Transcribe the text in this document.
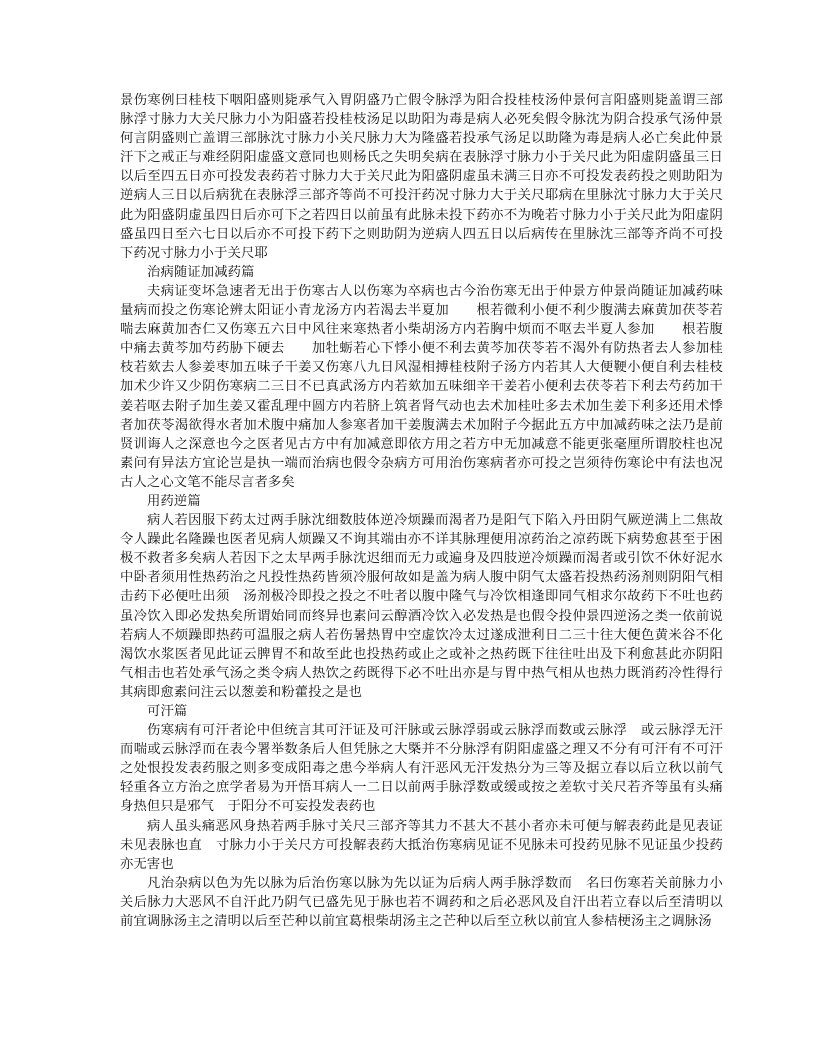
景伤寒例曰桂枝下咽阳盛则毙承气入胃阴盛乃亡假令脉浮为阳合投桂枝汤仲景何言阳盛则毙盖谓三部脉浮寸脉力大关尺脉力小为阳盛若投桂枝汤足以助阳为毒是病人必死矣假令脉沈为阴合投承气汤仲景何言阴盛则亡盖谓三部脉沈寸脉力小关尺脉力大为隆盛若投承气汤足以助隆为毒是病人必亡矣此仲景汗下之戒正与难经阴阳虚盛文意同也则杨氏之失明矣病在表脉浮寸脉力小于关尺此为阳虚阴盛虽三日以后至四五日亦可投发表药若寸脉力大于关尺此为阳盛阴虚虽未满三日亦不可投发表药投之则助阳为逆病人三日以后病犹在表脉浮三部齐等尚不可投汗药况寸脉力大于关尺耶病在里脉沈寸脉力大于关尺此为阳盛阴虚虽四日后亦可下之若四日以前虽有此脉未投下药亦不为晚若寸脉力小于关尺此为阳虚阴盛虽四日至六七日以后亦不可投下药下之则助阴为逆病人四五日以后病传在里脉沈三部等齐尚不可投下药况寸脉力小于关尺耶

治病随证加减药篇

夫病证变坏急速者无出于伤寒古人以伤寒为卒病也古今治伤寒无出于仲景方仲景尚随证加减药味量病而投之伤寒论辨太阳证小青龙汤方内若渴去半夏加　　根若微利小便不利少腹满去麻黄加茯苓若喘去麻黄加杏仁又伤寒五六日中风往来寒热者小柴胡汤方内若胸中烦而不呕去半夏人参加　　根若腹中痛去黄芩加芍药胁下硬去　　加牡蛎若心下悸小便不利去黄芩加茯苓若不渴外有防热者去人参加桂枝若欬去人参姜枣加五味子干姜又伤寒八九日风湿相搏桂枝附子汤方内若其人大便鞕小便自利去桂枝加术少许又少阴伤寒病二三日不已真武汤方内若欬加五味细辛干姜若小便利去茯苓若下利去芍药加干姜若呕去附子加生姜又霍乱理中圆方内若脐上筑者肾气动也去术加桂吐多去术加生姜下利多还用术悸者加茯苓渴欲得水者加术腹中痛加人参寒者加干姜腹满去术加附子今据此五方中加减药味之法乃是前贤训诲人之深意也今之医者见古方中有加减意即依方用之若方中无加减意不能更张毫厘所谓胶柱也况素问有异法方宜论岂是执一端而治病也假令杂病方可用治伤寒病者亦可投之岂须待伤寒论中有法也况古人之心文笔不能尽言者多矣

用药逆篇

病人若因服下药太过两手脉沈细数肢体逆冷烦躁而渴者乃是阳气下陷入丹田阴气厥逆满上二焦故令人躁此名隆躁也医者见病人烦躁又不询其端由亦不详其脉理便用凉药治之凉药既下病势愈甚至于困极不救者多矣病人若因下之太早两手脉沈迟细而无力或遍身及四肢逆冷烦躁而渴者或引饮不休好泥水中卧者须用性热药治之凡投性热药皆须冷服何故如是盖为病人腹中阴气太盛若投热药汤剂则阴阳气相击药下必便吐出须　汤剂极冷即投之投之不吐者以腹中隆气与冷饮相逢即同气相求尔故药下不吐也药虽冷饮入即必发热矣所谓始同而终异也素问云醇酒冷饮入必发热是也假令投仲景四逆汤之类一依前说若病人不烦躁即热药可温服之病人若伤暑热胃中空虚饮冷太过遂成泄利日二三十往大便色黄米谷不化渴饮水浆医者见此证云脾胃不和故至此也投热药或止之或补之热药既下往往吐出及下利愈甚此亦阴阳气相击也若处承气汤之类令病人热饮之药既得下必不吐出亦是与胃中热气相从也热力既消药冷性得行其病即愈素问注云以葱姜和粉藿投之是也

可汗篇

伤寒病有可汗者论中但统言其可汗证及可汗脉或云脉浮弱或云脉浮而数或云脉浮　或云脉浮无汗而喘或云脉浮而在表今署举数条后人但凭脉之大槩并不分脉浮有阴阳虚盛之理又不分有可汗有不可汗之处恨投发表药服之则多变成阳毒之患今举病人有汗恶风无汗发热分为三等及据立春以后立秋以前气　轻重各立方治之庶学者易为开悟耳病人一二日以前两手脉浮数或缓或按之差软寸关尺若齐等虽有头痛身热但只是邪气　于阳分不可妄投发表药也

病人虽头痛恶风身热若两手脉寸关尺三部齐等其力不甚大不甚小者亦未可便与解表药此是见表证未见表脉也直　寸脉力小于关尺方可投解表药大抵治伤寒病见证不见脉未可投药见脉不见证虽少投药亦无害也

凡治杂病以色为先以脉为后治伤寒以脉为先以证为后病人两手脉浮数而　名曰伤寒若关前脉力小关后脉力大恶风不自汗此乃阴气已盛先见于脉也若不调药和之后必恶风及自汗出若立春以后至清明以前宜调脉汤主之清明以后至芒种以前宜葛根柴胡汤主之芒种以后至立秋以前宜人参桔梗汤主之调脉汤
